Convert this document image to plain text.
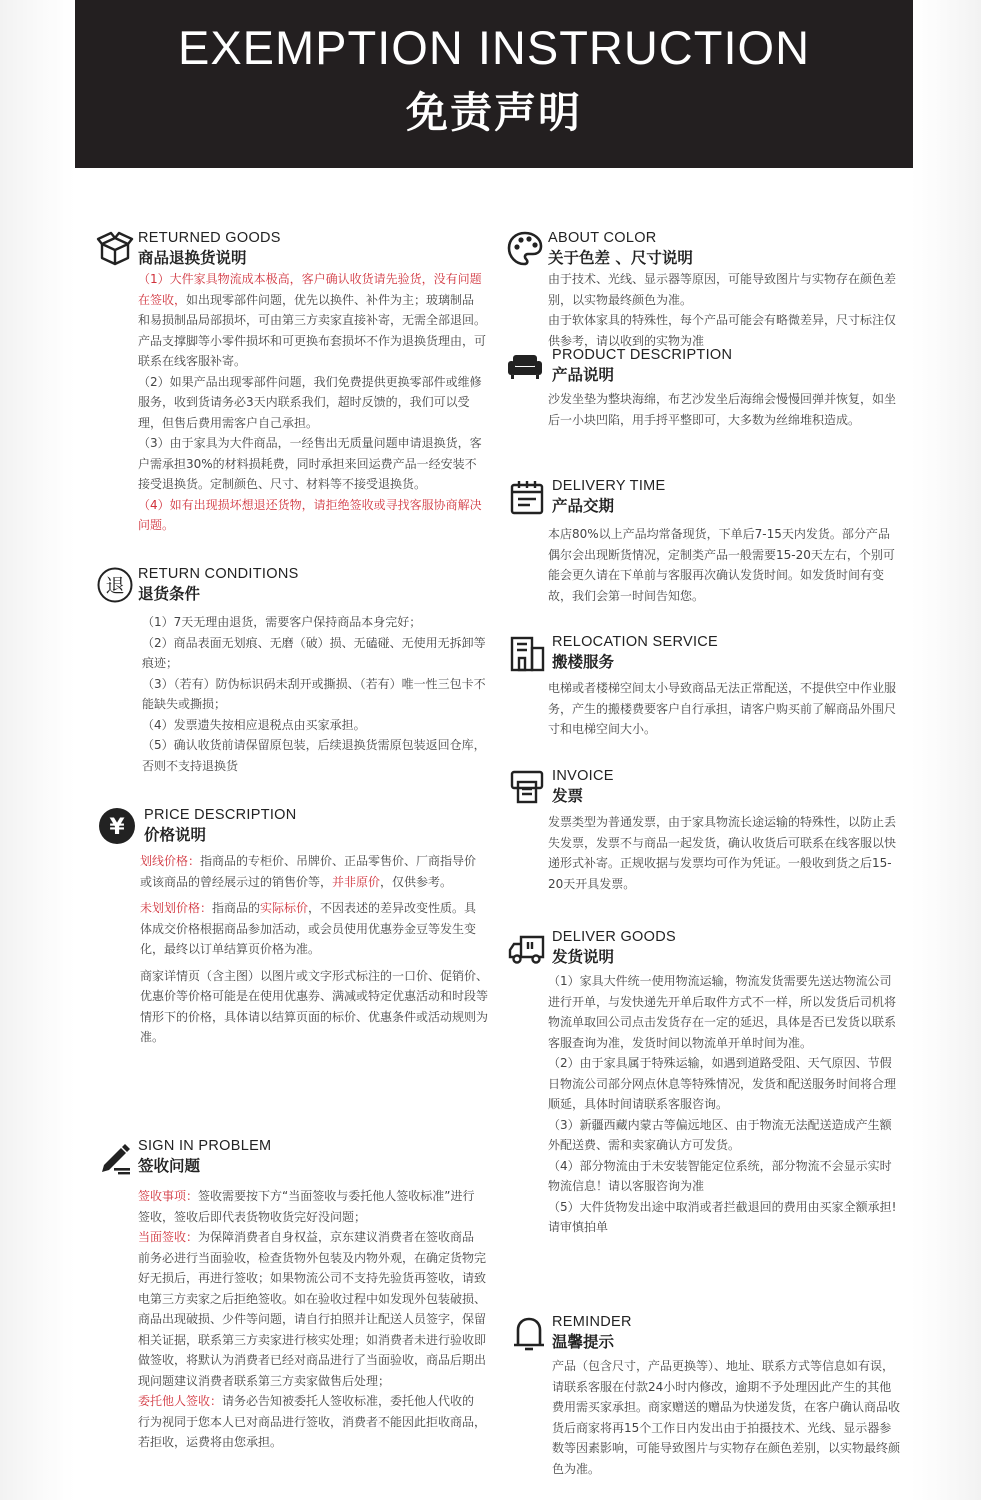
EXEMPTION INSTRUCTION
免责声明
RETURNED GOODS
商品退换货说明

（1）大件家具物流成本极高，客户确认收货请先验货，没有问题在签收，如出现零部件问题，优先以换件、补件为主；玻璃制品和易损制品局部损坏，可由第三方卖家直接补寄，无需全部退回。产品支撑脚等小零件损坏和可更换布套损坏不作为退换货理由，可联系在线客服补寄。

（2）如果产品出现零部件问题，我们免费提供更换零部件或维修服务，收到货请务必3天内联系我们，超时反馈的，我们可以受理，但售后费用需客户自己承担。

（3）由于家具为大件商品，一经售出无质量问题申请退换货，客户需承担30%的材料损耗费，同时承担来回运费产品一经安装不接受退换货。定制颜色、尺寸、材料等不接受退换货。

（4）如有出现损坏想退还货物，请拒绝签收或寻找客服协商解决问题。

退
RETURN CONDITIONS
退货条件

（1）7天无理由退货，需要客户保持商品本身完好；

（2）商品表面无划痕、无磨（破）损、无磕碰、无使用无拆卸等痕迹；

（3）（若有）防伪标识码未刮开或撕损、（若有）唯一性三包卡不能缺失或撕损；

（4）发票遗失按相应退税点由买家承担。

（5）确认收货前请保留原包装，后续退换货需原包装返回仓库，否则不支持退换货

¥ PRICE DESCRIPTION
价格说明

划线价格：指商品的专柜价、吊牌价、正品零售价、厂商指导价或该商品的曾经展示过的销售价等，并非原价，仅供参考。

未划划价格：指商品的实际标价，不因表述的差异改变性质。具体成交价格根据商品参加活动，或会员使用优惠券金豆等发生变化，最终以订单结算页价格为准。

商家详情页（含主图）以图片或文字形式标注的一口价、促销价、优惠价等价格可能是在使用优惠券、满减或特定优惠活动和时段等情形下的价格，具体请以结算页面的标价、优惠条件或活动规则为准。

SIGN IN PROBLEM
签收问题

签收事项：签收需要按下方“当面签收与委托他人签收标准”进行签收，签收后即代表货物收货完好没问题；

当面签收：为保障消费者自身权益，京东建议消费者在签收商品前务必进行当面验收，检查货物外包装及内物外观，在确定货物完好无损后，再进行签收；如果物流公司不支持先验货再签收，请致电第三方卖家之后拒绝签收。如在验收过程中如发现外包装破损、商品出现破损、少件等问题，请自行拍照并让配送人员签字，保留相关证据，联系第三方卖家进行核实处理；如消费者未进行验收即做签收，将默认为消费者已经对商品进行了当面验收，商品后期出现问题建议消费者联系第三方卖家做售后处理；

委托他人签收：请务必告知被委托人签收标准，委托他人代收的行为视同于您本人已对商品进行签收，消费者不能因此拒收商品，若拒收，运费将由您承担。

ABOUT COLOR
关于色差 、尺寸说明

由于技术、光线、显示器等原因，可能导致图片与实物存在颜色差别，以实物最终颜色为准。

由于软体家具的特殊性，每个产品可能会有略微差异，尺寸标注仅供参考，请以收到的实物为准

PRODUCT DESCRIPTION
产品说明

沙发坐垫为整块海绵，布艺沙发坐后海绵会慢慢回弹并恢复，如坐后一小块凹陷，用手捋平整即可，大多数为丝绵堆积造成。

DELIVERY TIME
产品交期

本店80%以上产品均常备现货，下单后7-15天内发货。部分产品偶尔会出现断货情况，定制类产品一般需要15-20天左右，个别可能会更久请在下单前与客服再次确认发货时间。如发货时间有变故，我们会第一时间告知您。

RELOCATION SERVICE
搬楼服务

电梯或者楼梯空间太小导致商品无法正常配送，不提供空中作业服务，产生的搬楼费要客户自行承担，请客户购买前了解商品外围尺寸和电梯空间大小。

INVOICE
发票

发票类型为普通发票，由于家具物流长途运输的特殊性，以防止丢失发票，发票不与商品一起发货，确认收货后可联系在线客服以快递形式补寄。正规收据与发票均可作为凭证。一般收到货之后15-20天开具发票。

DELIVER GOODS
发货说明

（1）家具大件统一使用物流运输，物流发货需要先送达物流公司进行开单，与发快递先开单后取件方式不一样，所以发货后司机将物流单取回公司点击发货存在一定的延迟，具体是否已发货以联系客服查询为准，发货时间以物流单开单时间为准。

（2）由于家具属于特殊运输，如遇到道路受阻、天气原因、节假日物流公司部分网点休息等特殊情况，发货和配送服务时间将合理顺延，具体时间请联系客服咨询。

（3）新疆西藏内蒙古等偏远地区、由于物流无法配送造成产生额外配送费、需和卖家确认方可发货。

（4）部分物流由于未安装智能定位系统，部分物流不会显示实时物流信息！请以客服咨询为准

（5）大件货物发出途中取消或者拦截退回的费用由买家全额承担!请审慎拍单

REMINDER
温馨提示

产品（包含尺寸，产品更换等）、地址、联系方式等信息如有误，请联系客服在付款24小时内修改，逾期不予处理因此产生的其他费用需买家承担。商家赠送的赠品为快递发货，在客户确认商品收货后商家将再15个工作日内发出由于拍摄技术、光线、显示器参数等因素影响，可能导致图片与实物存在颜色差别，以实物最终颜色为准。
